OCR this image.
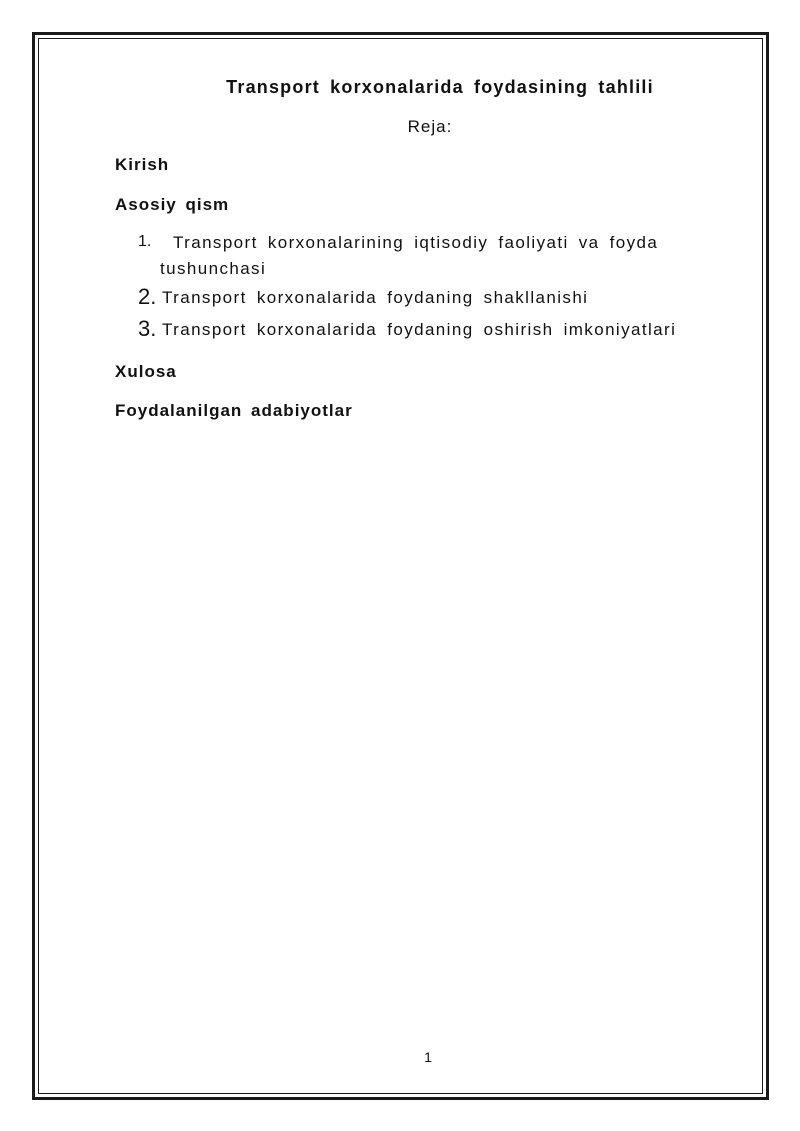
Transport korxonalarida foydasining tahlili
Reja:
Kirish
Asosiy qism
1. Transport korxonalarining iqtisodiy faoliyati va foyda
tushunchasi
2. Transport korxonalarida foydaning shakllanishi
3. Transport korxonalarida foydaning oshirish imkoniyatlari
Xulosa
Foydalanilgan adabiyotlar
1
